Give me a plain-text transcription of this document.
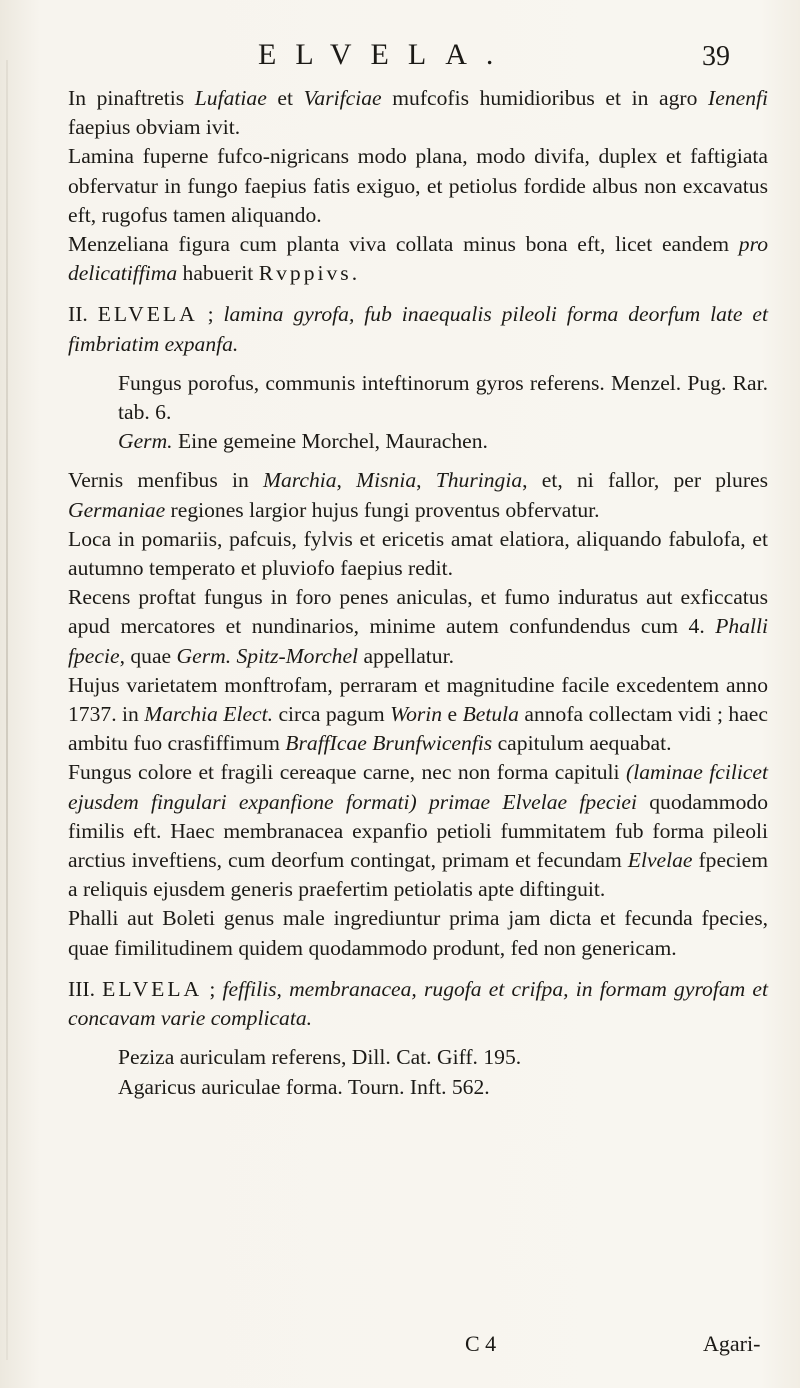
ELVELA.	39

In pinaftretis Lufatiae et Varifciae mufcofis humidioribus et in agro Ienenfi faepius obviam ivit.

Lamina fuperne fufco-nigricans modo plana, modo divifa, duplex et faftigiata obfervatur in fungo faepius fatis exiguo, et petiolus fordide albus non excavatus eft, rugofus tamen aliquando.

Menzeliana figura cum planta viva collata minus bona eft, licet eandem pro delicatiffima habuerit Rvppivs.

II. ELVELA ; lamina gyrofa, fub inaequalis pileoli forma deorfum late et fimbriatim expanfa.

Fungus porofus, communis inteftinorum gyros referens. Menzel. Pug. Rar. tab. 6.

Germ. Eine gemeine Morchel, Maurachen.

Vernis menfibus in Marchia, Misnia, Thuringia, et, ni fallor, per plures Germaniae regiones largior hujus fungi proventus obfervatur.

Loca in pomariis, pafcuis, fylvis et ericetis amat elatiora, aliquando fabulofa, et autumno temperato et pluviofo faepius redit.

Recens proftat fungus in foro penes aniculas, et fumo induratus aut exficcatus apud mercatores et nundinarios, minime autem confundendus cum 4. Phalli fpecie, quae Germ. Spitz-Morchel appellatur.

Hujus varietatem monftrofam, perraram et magnitudine facile excedentem anno 1737. in Marchia Elect. circa pagum Worin e Betula annofa collectam vidi ; haec ambitu fuo crasfiffimum BraffIcae Brunfwicenfis capitulum aequabat.

Fungus colore et fragili cereaque carne, nec non forma capituli (laminae fcilicet ejusdem fingulari expanfione formati) primae Elvelae fpeciei quodammodo fimilis eft. Haec membranacea expanfio petioli fummitatem fub forma pileoli arctius inveftiens, cum deorfum contingat, primam et fecundam Elvelae fpeciem a reliquis ejusdem generis praefertim petiolatis apte diftinguit.

Phalli aut Boleti genus male ingrediuntur prima jam dicta et fecunda fpecies, quae fimilitudinem quidem quodammodo produnt, fed non genericam.

III. ELVELA ; feffilis, membranacea, rugofa et crifpa, in formam gyrofam et concavam varie complicata.

Peziza auriculam referens, Dill. Cat. Giff. 195.

Agaricus auriculae forma. Tourn. Inft. 562.

C 4	Agari-
